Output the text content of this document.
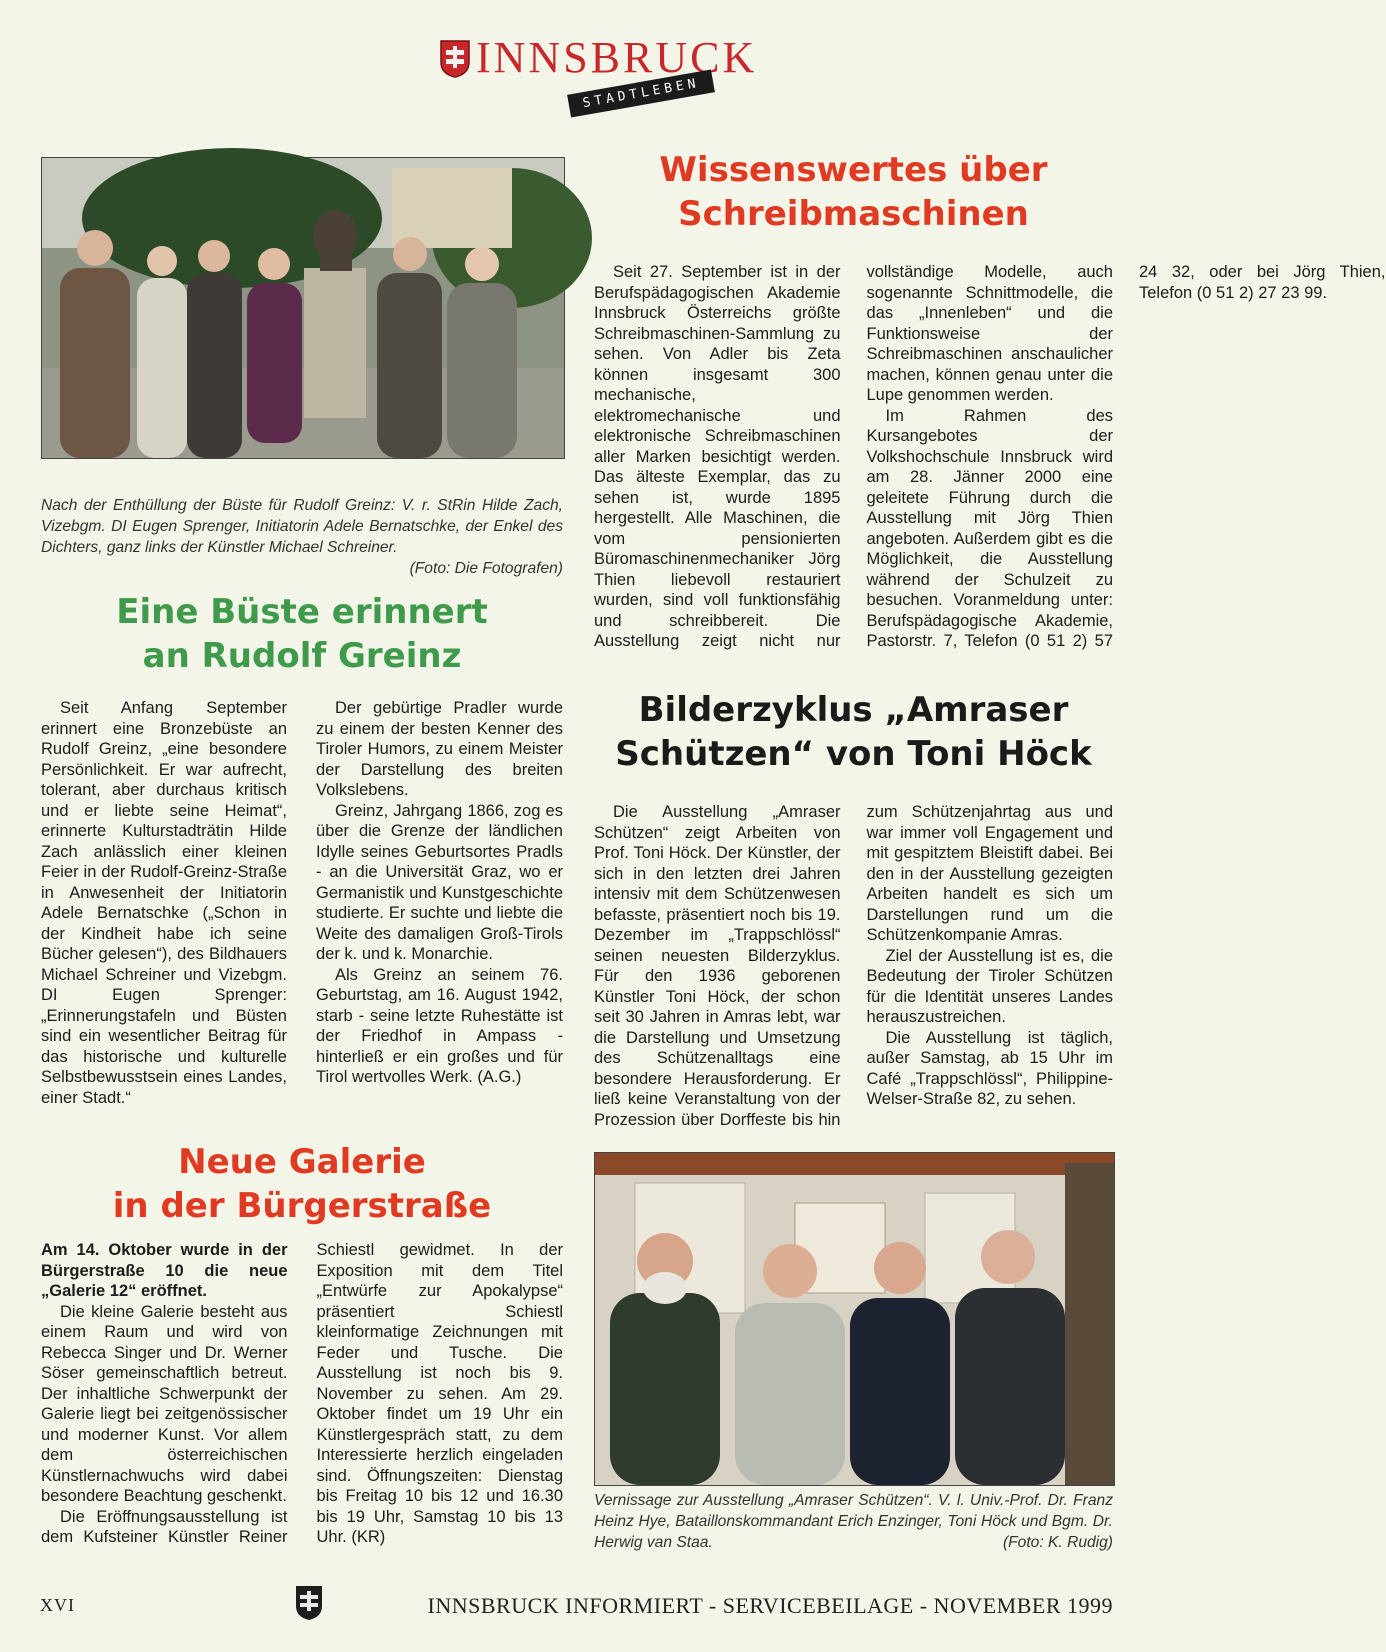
INNSBRUCK
STADTLEBEN
Nach der Enthüllung der Büste für Rudolf Greinz: V. r. StRin Hilde Zach, Vizebgm. DI Eugen Sprenger, Initiatorin Adele Bernatschke, der Enkel des Dichters, ganz links der Künstler Michael Schreiner.
(Foto: Die Fotografen)
Eine Büste erinnert
an Rudolf Greinz

Seit Anfang September erinnert eine Bronzebüste an Rudolf Greinz, „eine besondere Persönlichkeit. Er war aufrecht, tolerant, aber durchaus kritisch und er liebte seine Heimat“, erinnerte Kulturstadträtin Hilde Zach anlässlich einer kleinen Feier in der Rudolf-Greinz-Straße in Anwesenheit der Initiatorin Adele Bernatschke („Schon in der Kindheit habe ich seine Bücher gelesen“), des Bildhauers Michael Schreiner und Vizebgm. DI Eugen Sprenger: „Erinnerungstafeln und Büsten sind ein wesentlicher Beitrag für das historische und kulturelle Selbstbewusstsein eines Landes, einer Stadt.“

Der gebürtige Pradler wurde zu einem der besten Kenner des Tiroler Humors, zu einem Meister der Darstellung des breiten Volkslebens.

Greinz, Jahrgang 1866, zog es über die Grenze der ländlichen Idylle seines Geburtsortes Pradls - an die Universität Graz, wo er Germanistik und Kunstgeschichte studierte. Er suchte und liebte die Weite des damaligen Groß-Tirols der k. und k. Monarchie.

Als Greinz an seinem 76. Geburtstag, am 16. August 1942, starb - seine letzte Ruhestätte ist der Friedhof in Ampass - hinterließ er ein großes und für Tirol wertvolles Werk. (A.G.)

Wissenswertes über
Schreibmaschinen

Seit 27. September ist in der Berufspädagogischen Akademie Innsbruck Österreichs größte Schreibmaschinen-Sammlung zu sehen. Von Adler bis Zeta können insgesamt 300 mechanische, elektromechanische und elektronische Schreibmaschinen aller Marken besichtigt werden. Das älteste Exemplar, das zu sehen ist, wurde 1895 hergestellt. Alle Maschinen, die vom pensionierten Büromaschinenmechaniker Jörg Thien liebevoll restauriert wurden, sind voll funktionsfähig und schreibbereit. Die Ausstellung zeigt nicht nur vollständige Modelle, auch sogenannte Schnittmodelle, die das „Innenleben“ und die Funktionsweise der Schreibmaschinen anschaulicher machen, können genau unter die Lupe genommen werden.

Im Rahmen des Kursangebotes der Volkshochschule Innsbruck wird am 28. Jänner 2000 eine geleitete Führung durch die Ausstellung mit Jörg Thien angeboten. Außerdem gibt es die Möglichkeit, die Ausstellung während der Schulzeit zu besuchen. Voranmeldung unter: Berufspädagogische Akademie, Pastorstr. 7, Telefon (0 51 2) 57 24 32, oder bei Jörg Thien, Telefon (0 51 2) 27 23 99.

Bilderzyklus „Amraser
Schützen“ von Toni Höck

Die Ausstellung „Amraser Schützen“ zeigt Arbeiten von Prof. Toni Höck. Der Künstler, der sich in den letzten drei Jahren intensiv mit dem Schützenwesen befasste, präsentiert noch bis 19. Dezember im „Trappschlössl“ seinen neuesten Bilderzyklus. Für den 1936 geborenen Künstler Toni Höck, der schon seit 30 Jahren in Amras lebt, war die Darstellung und Umsetzung des Schützenalltags eine besondere Herausforderung. Er ließ keine Veranstaltung von der Prozession über Dorffeste bis hin zum Schützenjahrtag aus und war immer voll Engagement und mit gespitztem Bleistift dabei. Bei den in der Ausstellung gezeigten Arbeiten handelt es sich um Darstellungen rund um die Schützenkompanie Amras.

Ziel der Ausstellung ist es, die Bedeutung der Tiroler Schützen für die Identität unseres Landes herauszustreichen.

Die Ausstellung ist täglich, außer Samstag, ab 15 Uhr im Café „Trappschlössl“, Philippine-Welser-Straße 82, zu sehen.

Neue Galerie
in der Bürgerstraße

Am 14. Oktober wurde in der Bürgerstraße 10 die neue „Galerie 12“ eröffnet.

Die kleine Galerie besteht aus einem Raum und wird von Rebecca Singer und Dr. Werner Söser gemeinschaftlich betreut. Der inhaltliche Schwerpunkt der Galerie liegt bei zeitgenössischer und moderner Kunst. Vor allem dem österreichischen Künstlernachwuchs wird dabei besondere Beachtung geschenkt.

Die Eröffnungsausstellung ist dem Kufsteiner Künstler Reiner Schiestl gewidmet. In der Exposition mit dem Titel „Entwürfe zur Apokalypse“ präsentiert Schiestl kleinformatige Zeichnungen mit Feder und Tusche. Die Ausstellung ist noch bis 9. November zu sehen. Am 29. Oktober findet um 19 Uhr ein Künstlergespräch statt, zu dem Interessierte herzlich eingeladen sind. Öffnungszeiten: Dienstag bis Freitag 10 bis 12 und 16.30 bis 19 Uhr, Samstag 10 bis 13 Uhr. (KR)

Vernissage zur Ausstellung „Amraser Schützen“. V. l. Univ.-Prof. Dr. Franz Heinz Hye, Bataillonskommandant Erich Enzinger, Toni Höck und Bgm. Dr. Herwig van Staa.	(Foto: K. Rudig)
XVI	INNSBRUCK INFORMIERT - SERVICEBEILAGE - NOVEMBER 1999
